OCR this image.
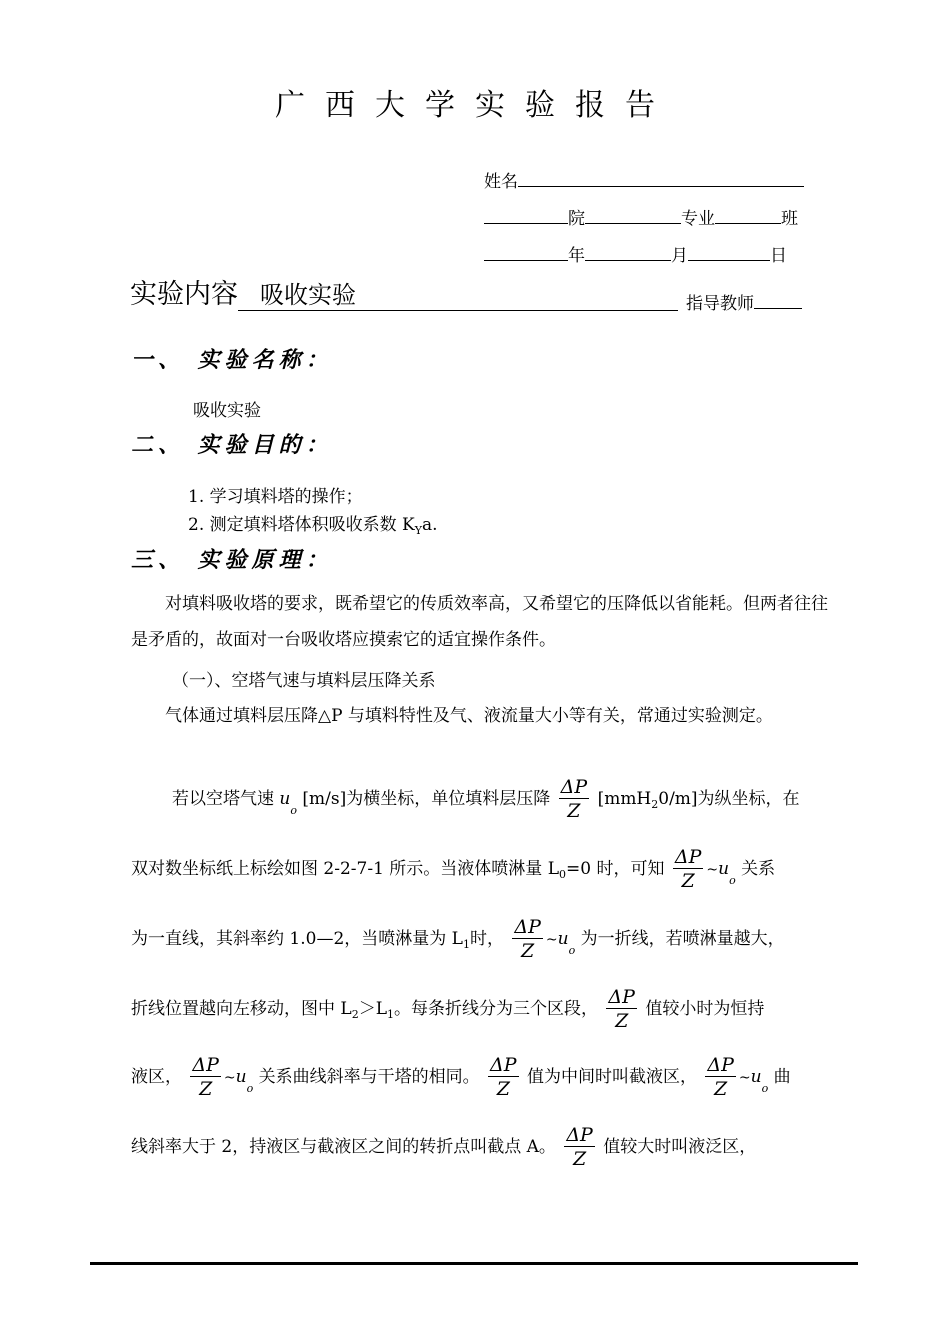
广西大学实验报告
姓名
院	专业	班
年	月	日
实验内容 吸收实验	指导教师
一、 实验名称：
吸收实验
二、 实验目的：
1. 学习填料塔的操作；
2. 测定填料塔体积吸收系数 $K_Ya$.
三、 实验原理：
对填料吸收塔的要求，既希望它的传质效率高，又希望它的压降低以省能耗。但两者往往是矛盾的，故面对一台吸收塔应摸索它的适宜操作条件。
（一）、空塔气速与填料层压降关系
气体通过填料层压降△P 与填料特性及气、液流量大小等有关，常通过实验测定。
若以空塔气速 $u_o$ [m/s]为横坐标，单位填料层压降 $\frac{\Delta P}{Z} [mmH_20/m]$为纵坐标，在
双对数坐标纸上标绘如图 2-2-7-1 所示。当液体喷淋量 $L_0=0$ 时，可知 $\frac{\Delta P}{Z}$ $\sim u_o$ 关系
为一直线，其斜率约 1.0—2，当喷淋量为 $L_1$时， $\frac{\Delta P}{Z}$ $\sim u_o$ 为一折线，若喷淋量越大，
折线位置越向左移动，图中 $L_2>L_1$。每条折线分为三个区段， $\frac{\Delta P}{Z}$ 值较小时为恒持
液区， $\frac{\Delta P}{Z}$ $\sim u_o$ 关系曲线斜率与干塔的相同。 $\frac{\Delta P}{Z}$ 值为中间时叫截液区， $\frac{\Delta P}{Z}$ $\sim u_o$ 曲
线斜率大于 2，持液区与截液区之间的转折点叫截点 A。 $\frac{\Delta P}{Z}$ 值较大时叫液泛区，
